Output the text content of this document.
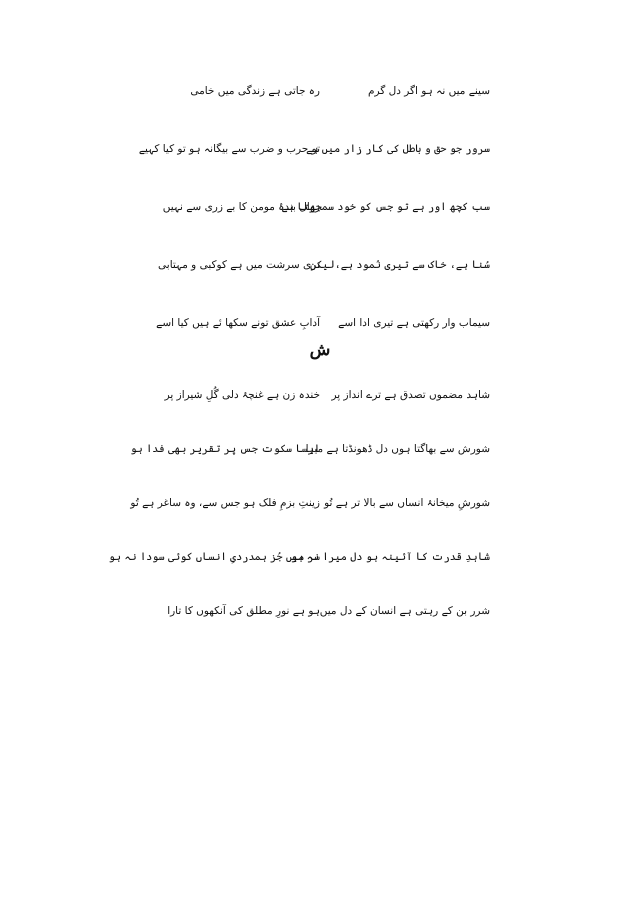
سینے میں نہ ہو اگر دل گرم
رہ جاتی ہے زندگی میں خامی
سرور جو حق و باطل کی کار زار میں ہے
تو حرب و ضرب سے بیگانہ ہو تو کیا کہیے
سب کچھ اور ہے تو جس کو خود سمجھتا ہے
زوال بندۂ مومن کا بے زری سے نہیں
سُنا ہے، خاک سے تیری نُمود ہے،لیکن
تری سرشت میں ہے کوکبی و مہتابی
سیماب وار رکھتی ہے تیری ادا اسے
آدابِ عشق تونے سکھا ئے ہیں کیا اسے
ش
شاہد مضموں تصدق ہے ترے انداز پر
خندہ زن ہے غنچۂ دلی گُلِ شیراز پر
شورش سے بھاگتا ہوں دل ڈھونڈتا ہے میرا
ایسا سکوت جس پر تقریر بھی فدا ہو
شورشِ میخانۂ انساں سے بالا تر ہے تُو
زینتِ بزمِ فلک ہو جس سے، وہ ساغر ہے تُو
شاہدِ قدرت کا آئینہ ہو دل میرا نہ ہو
سر میں جُز ہمدردیِ انساں کوئی سودا نہ ہو
شرر بن کے رہتی ہے انسان کے دل میں
ہو ہے نورِ مطلق کی آنکھوں کا تارا
